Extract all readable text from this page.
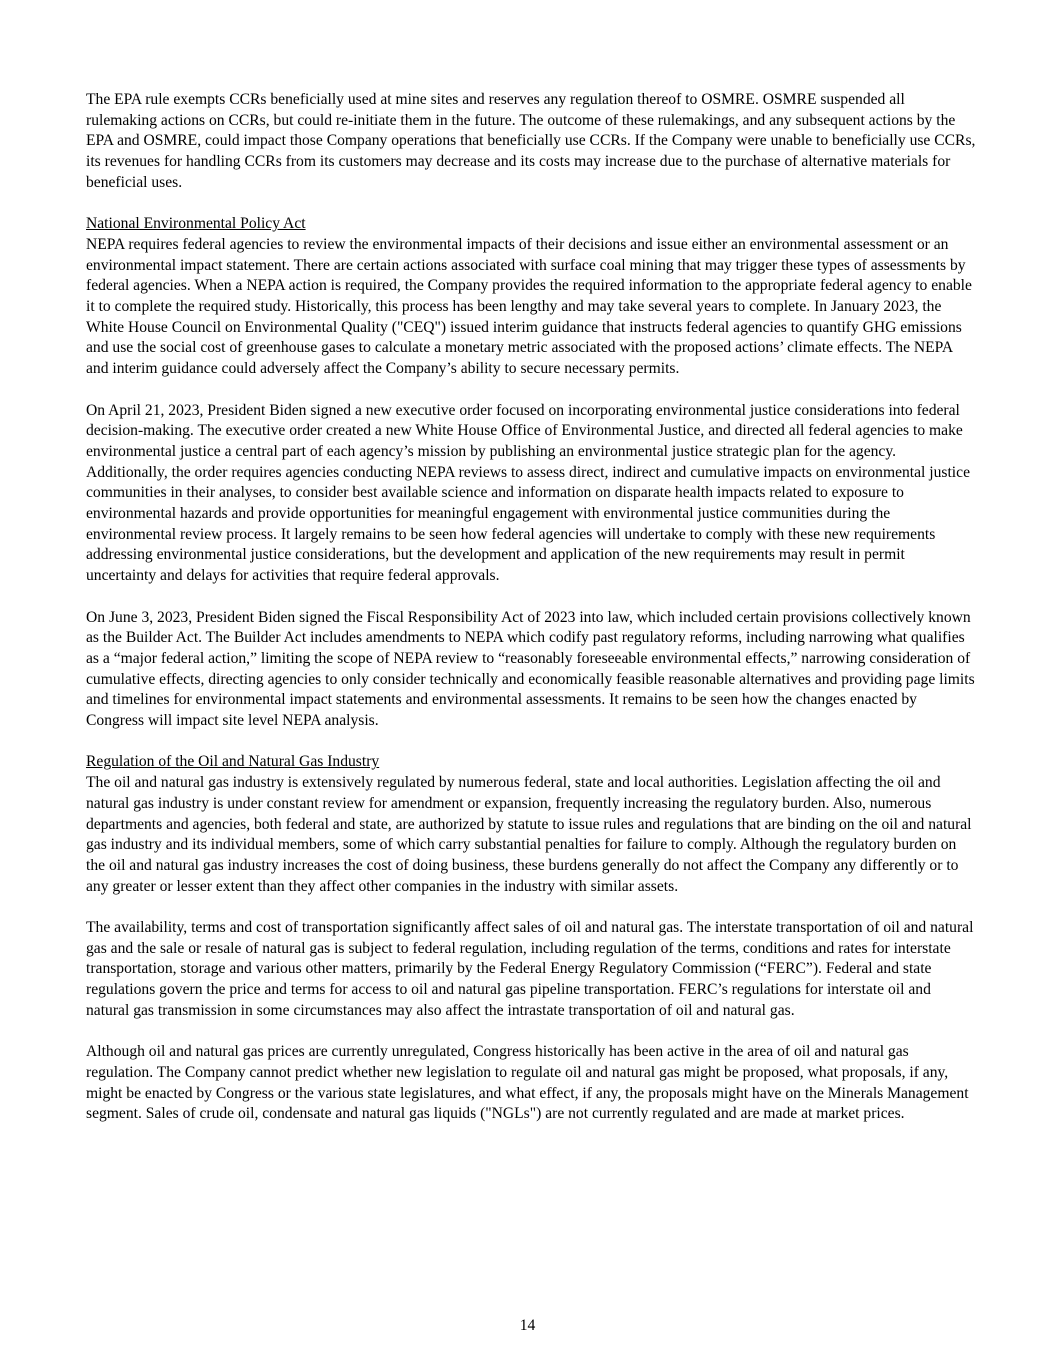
The EPA rule exempts CCRs beneficially used at mine sites and reserves any regulation thereof to OSMRE. OSMRE suspended all rulemaking actions on CCRs, but could re-initiate them in the future. The outcome of these rulemakings, and any subsequent actions by the EPA and OSMRE, could impact those Company operations that beneficially use CCRs. If the Company were unable to beneficially use CCRs, its revenues for handling CCRs from its customers may decrease and its costs may increase due to the purchase of alternative materials for beneficial uses.

National Environmental Policy Act

NEPA requires federal agencies to review the environmental impacts of their decisions and issue either an environmental assessment or an environmental impact statement. There are certain actions associated with surface coal mining that may trigger these types of assessments by federal agencies. When a NEPA action is required, the Company provides the required information to the appropriate federal agency to enable it to complete the required study. Historically, this process has been lengthy and may take several years to complete. In January 2023, the White House Council on Environmental Quality ("CEQ") issued interim guidance that instructs federal agencies to quantify GHG emissions and use the social cost of greenhouse gases to calculate a monetary metric associated with the proposed actions’ climate effects. The NEPA and interim guidance could adversely affect the Company’s ability to secure necessary permits.

On April 21, 2023, President Biden signed a new executive order focused on incorporating environmental justice considerations into federal decision-making. The executive order created a new White House Office of Environmental Justice, and directed all federal agencies to make environmental justice a central part of each agency’s mission by publishing an environmental justice strategic plan for the agency. Additionally, the order requires agencies conducting NEPA reviews to assess direct, indirect and cumulative impacts on environmental justice communities in their analyses, to consider best available science and information on disparate health impacts related to exposure to environmental hazards and provide opportunities for meaningful engagement with environmental justice communities during the environmental review process. It largely remains to be seen how federal agencies will undertake to comply with these new requirements addressing environmental justice considerations, but the development and application of the new requirements may result in permit uncertainty and delays for activities that require federal approvals.

On June 3, 2023, President Biden signed the Fiscal Responsibility Act of 2023 into law, which included certain provisions collectively known as the Builder Act. The Builder Act includes amendments to NEPA which codify past regulatory reforms, including narrowing what qualifies as a “major federal action,” limiting the scope of NEPA review to “reasonably foreseeable environmental effects,” narrowing consideration of cumulative effects, directing agencies to only consider technically and economically feasible reasonable alternatives and providing page limits and timelines for environmental impact statements and environmental assessments. It remains to be seen how the changes enacted by Congress will impact site level NEPA analysis.

Regulation of the Oil and Natural Gas Industry

The oil and natural gas industry is extensively regulated by numerous federal, state and local authorities. Legislation affecting the oil and natural gas industry is under constant review for amendment or expansion, frequently increasing the regulatory burden. Also, numerous departments and agencies, both federal and state, are authorized by statute to issue rules and regulations that are binding on the oil and natural gas industry and its individual members, some of which carry substantial penalties for failure to comply. Although the regulatory burden on the oil and natural gas industry increases the cost of doing business, these burdens generally do not affect the Company any differently or to any greater or lesser extent than they affect other companies in the industry with similar assets.

The availability, terms and cost of transportation significantly affect sales of oil and natural gas. The interstate transportation of oil and natural gas and the sale or resale of natural gas is subject to federal regulation, including regulation of the terms, conditions and rates for interstate transportation, storage and various other matters, primarily by the Federal Energy Regulatory Commission (“FERC”). Federal and state regulations govern the price and terms for access to oil and natural gas pipeline transportation. FERC’s regulations for interstate oil and natural gas transmission in some circumstances may also affect the intrastate transportation of oil and natural gas.

Although oil and natural gas prices are currently unregulated, Congress historically has been active in the area of oil and natural gas regulation. The Company cannot predict whether new legislation to regulate oil and natural gas might be proposed, what proposals, if any, might be enacted by Congress or the various state legislatures, and what effect, if any, the proposals might have on the Minerals Management segment. Sales of crude oil, condensate and natural gas liquids ("NGLs") are not currently regulated and are made at market prices.

14
